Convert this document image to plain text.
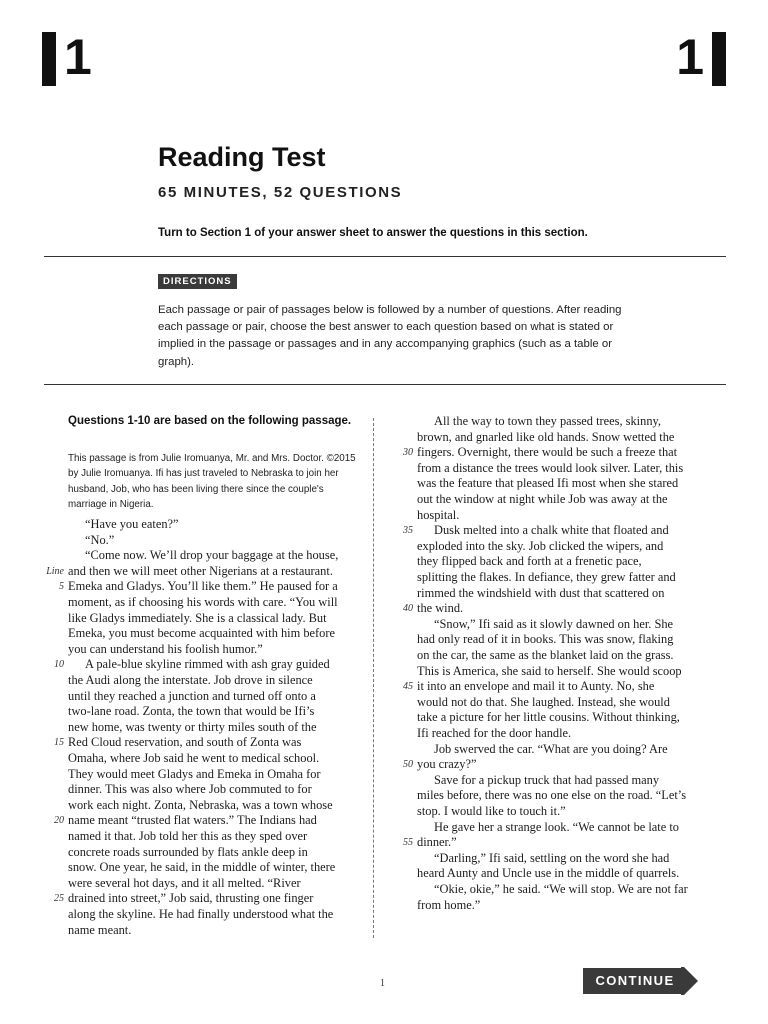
1	1
Reading Test
65 MINUTES, 52 QUESTIONS
Turn to Section 1 of your answer sheet to answer the questions in this section.
DIRECTIONS
Each passage or pair of passages below is followed by a number of questions. After reading each passage or pair, choose the best answer to each question based on what is stated or implied in the passage or passages and in any accompanying graphics (such as a table or graph).
Questions 1-10 are based on the following passage.
This passage is from Julie Iromuanya, Mr. and Mrs. Doctor. ©2015 by Julie Iromuanya. Ifi has just traveled to Nebraska to join her husband, Job, who has been living there since the couple's marriage in Nigeria.
“Have you eaten?”
“No.”
“Come now. We’ll drop your baggage at the house,
and then we will meet other Nigerians at a restaurant.
Emeka and Gladys. You’ll like them.” He paused for a
moment, as if choosing his words with care. “You will
like Gladys immediately. She is a classical lady. But
Emeka, you must become acquainted with him before
you can understand his foolish humor.”
A pale-blue skyline rimmed with ash gray guided
the Audi along the interstate. Job drove in silence
until they reached a junction and turned off onto a
two-lane road. Zonta, the town that would be Ifi’s
new home, was twenty or thirty miles south of the
Red Cloud reservation, and south of Zonta was
Omaha, where Job said he went to medical school.
They would meet Gladys and Emeka in Omaha for
dinner. This was also where Job commuted to for
work each night. Zonta, Nebraska, was a town whose
name meant “trusted flat waters.” The Indians had
named it that. Job told her this as they sped over
concrete roads surrounded by flats ankle deep in
snow. One year, he said, in the middle of winter, there
were several hot days, and it all melted. “River
drained into street,” Job said, thrusting one finger
along the skyline. He had finally understood what the
name meant.
All the way to town they passed trees, skinny,
brown, and gnarled like old hands. Snow wetted the
fingers. Overnight, there would be such a freeze that
from a distance the trees would look silver. Later, this
was the feature that pleased Ifi most when she stared
out the window at night while Job was away at the
hospital.
Dusk melted into a chalk white that floated and
exploded into the sky. Job clicked the wipers, and
they flipped back and forth at a frenetic pace,
splitting the flakes. In defiance, they grew fatter and
rimmed the windshield with dust that scattered on
the wind.
“Snow,” Ifi said as it slowly dawned on her. She
had only read of it in books. This was snow, flaking
on the car, the same as the blanket laid on the grass.
This is America, she said to herself. She would scoop
it into an envelope and mail it to Aunty. No, she
would not do that. She laughed. Instead, she would
take a picture for her little cousins. Without thinking,
Ifi reached for the door handle.
Job swerved the car. “What are you doing? Are
you crazy?”
Save for a pickup truck that had passed many
miles before, there was no one else on the road. “Let’s
stop. I would like to touch it.”
He gave her a strange look. “We cannot be late to
dinner.”
“Darling,” Ifi said, settling on the word she had
heard Aunty and Uncle use in the middle of quarrels.
“Okie, okie,” he said. “We will stop. We are not far
from home.”
5
10
15
20
25
Line
30
35
40
45
50
55
1	CONTINUE
